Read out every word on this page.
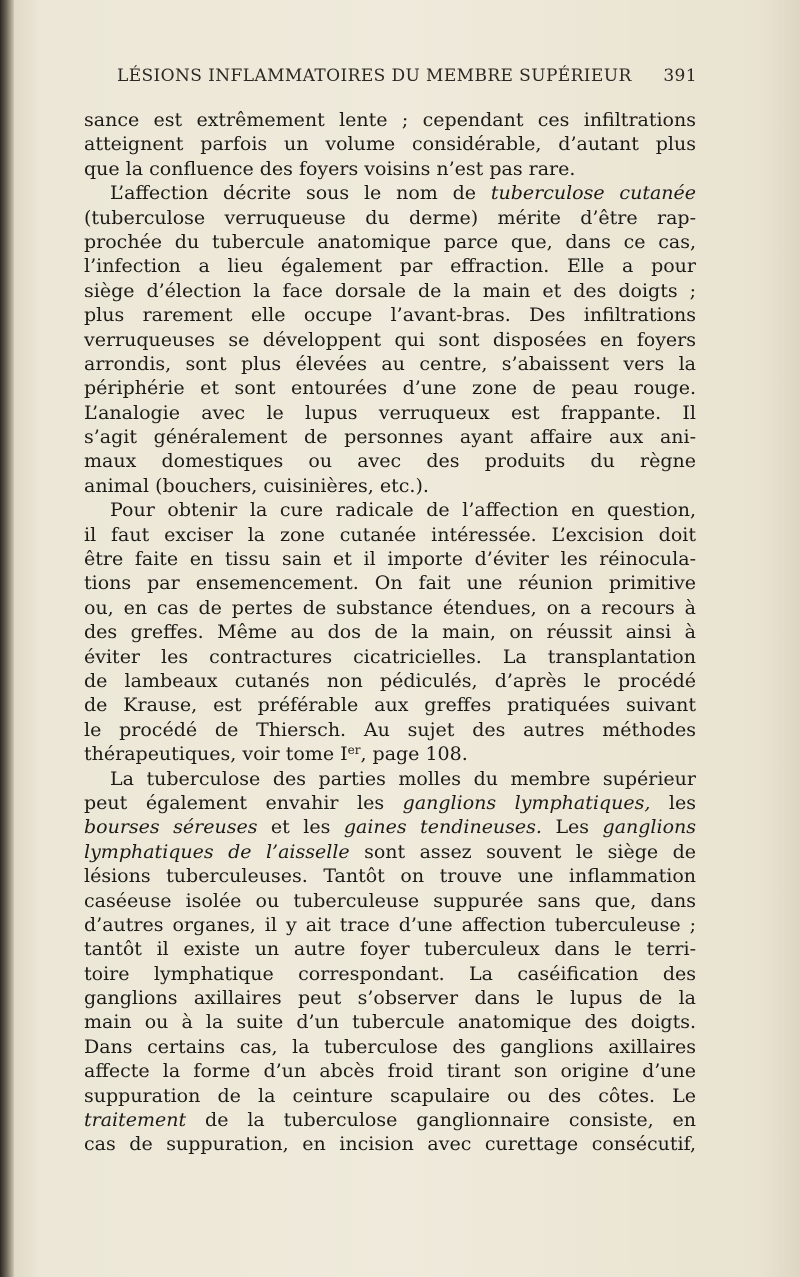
LÉSIONS INFLAMMATOIRES DU MEMBRE SUPÉRIEUR 391
sance est extrêmement lente ; cependant ces infiltrations
atteignent parfois un volume considérable, d’autant plus
que la confluence des foyers voisins n’est pas rare.
L’affection décrite sous le nom de tuberculose cutanée
(tuberculose verruqueuse du derme) mérite d’être rap-
prochée du tubercule anatomique parce que, dans ce cas,
l’infection a lieu également par effraction. Elle a pour
siège d’élection la face dorsale de la main et des doigts ;
plus rarement elle occupe l’avant-bras. Des infiltrations
verruqueuses se développent qui sont disposées en foyers
arrondis, sont plus élevées au centre, s’abaissent vers la
périphérie et sont entourées d’une zone de peau rouge.
L’analogie avec le lupus verruqueux est frappante. Il
s’agit généralement de personnes ayant affaire aux ani-
maux domestiques ou avec des produits du règne
animal (bouchers, cuisinières, etc.).
Pour obtenir la cure radicale de l’affection en question,
il faut exciser la zone cutanée intéressée. L’excision doit
être faite en tissu sain et il importe d’éviter les réinocula-
tions par ensemencement. On fait une réunion primitive
ou, en cas de pertes de substance étendues, on a recours à
des greffes. Même au dos de la main, on réussit ainsi à
éviter les contractures cicatricielles. La transplantation
de lambeaux cutanés non pédiculés, d’après le procédé
de Krause, est préférable aux greffes pratiquées suivant
le procédé de Thiersch. Au sujet des autres méthodes
thérapeutiques, voir tome Ier, page 108.
La tuberculose des parties molles du membre supérieur
peut également envahir les ganglions lymphatiques, les
bourses séreuses et les gaines tendineuses. Les ganglions
lymphatiques de l’aisselle sont assez souvent le siège de
lésions tuberculeuses. Tantôt on trouve une inflammation
caséeuse isolée ou tuberculeuse suppurée sans que, dans
d’autres organes, il y ait trace d’une affection tuberculeuse ;
tantôt il existe un autre foyer tuberculeux dans le terri-
toire lymphatique correspondant. La caséification des
ganglions axillaires peut s’observer dans le lupus de la
main ou à la suite d’un tubercule anatomique des doigts.
Dans certains cas, la tuberculose des ganglions axillaires
affecte la forme d’un abcès froid tirant son origine d’une
suppuration de la ceinture scapulaire ou des côtes. Le
traitement de la tuberculose ganglionnaire consiste, en
cas de suppuration, en incision avec curettage consécutif,
